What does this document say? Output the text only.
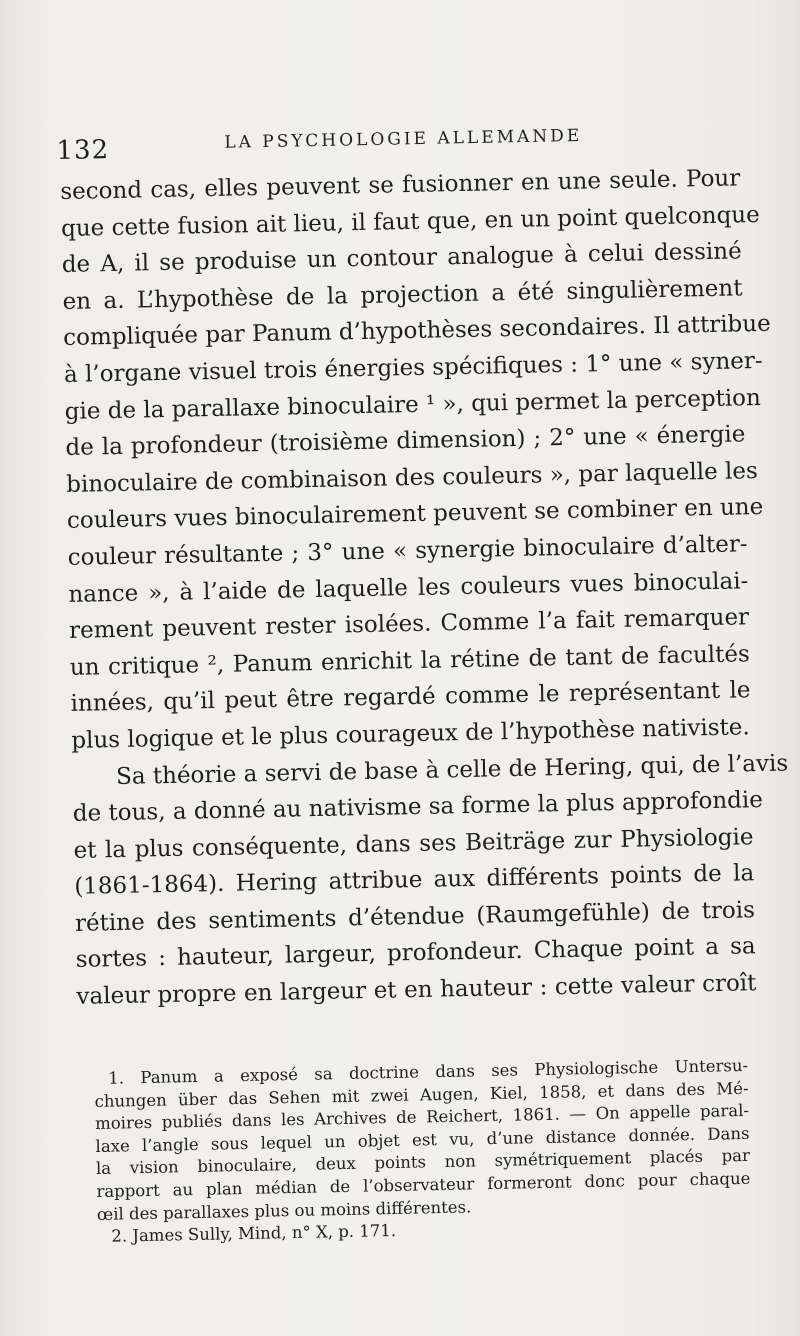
132	LA PSYCHOLOGIE ALLEMANDE
second cas, elles peuvent se fusionner en une seule. Pour
que cette fusion ait lieu, il faut que, en un point quelconque
de A, il se produise un contour analogue à celui dessiné
en a. L’hypothèse de la projection a été singulièrement
compliquée par Panum d’hypothèses secondaires. Il attribue
à l’organe visuel trois énergies spécifiques : 1° une « syner-
gie de la parallaxe binoculaire ¹ », qui permet la perception
de la profondeur (troisième dimension) ; 2° une « énergie
binoculaire de combinaison des couleurs », par laquelle les
couleurs vues binoculairement peuvent se combiner en une
couleur résultante ; 3° une « synergie binoculaire d’alter-
nance », à l’aide de laquelle les couleurs vues binoculai-
rement peuvent rester isolées. Comme l’a fait remarquer
un critique ², Panum enrichit la rétine de tant de facultés
innées, qu’il peut être regardé comme le représentant le
plus logique et le plus courageux de l’hypothèse nativiste.
Sa théorie a servi de base à celle de Hering, qui, de l’avis
de tous, a donné au nativisme sa forme la plus approfondie
et la plus conséquente, dans ses Beiträge zur Physiologie
(1861-1864). Hering attribue aux différents points de la
rétine des sentiments d’étendue (Raumgefühle) de trois
sortes : hauteur, largeur, profondeur. Chaque point a sa
valeur propre en largeur et en hauteur : cette valeur croît
1. Panum a exposé sa doctrine dans ses Physiologische Untersu-
chungen über das Sehen mit zwei Augen, Kiel, 1858, et dans des Mé-
moires publiés dans les Archives de Reichert, 1861. — On appelle paral-
laxe l’angle sous lequel un objet est vu, d’une distance donnée. Dans
la vision binoculaire, deux points non symétriquement placés par
rapport au plan médian de l’observateur formeront donc pour chaque
œil des parallaxes plus ou moins différentes.
2. James Sully, Mind, n° X, p. 171.
